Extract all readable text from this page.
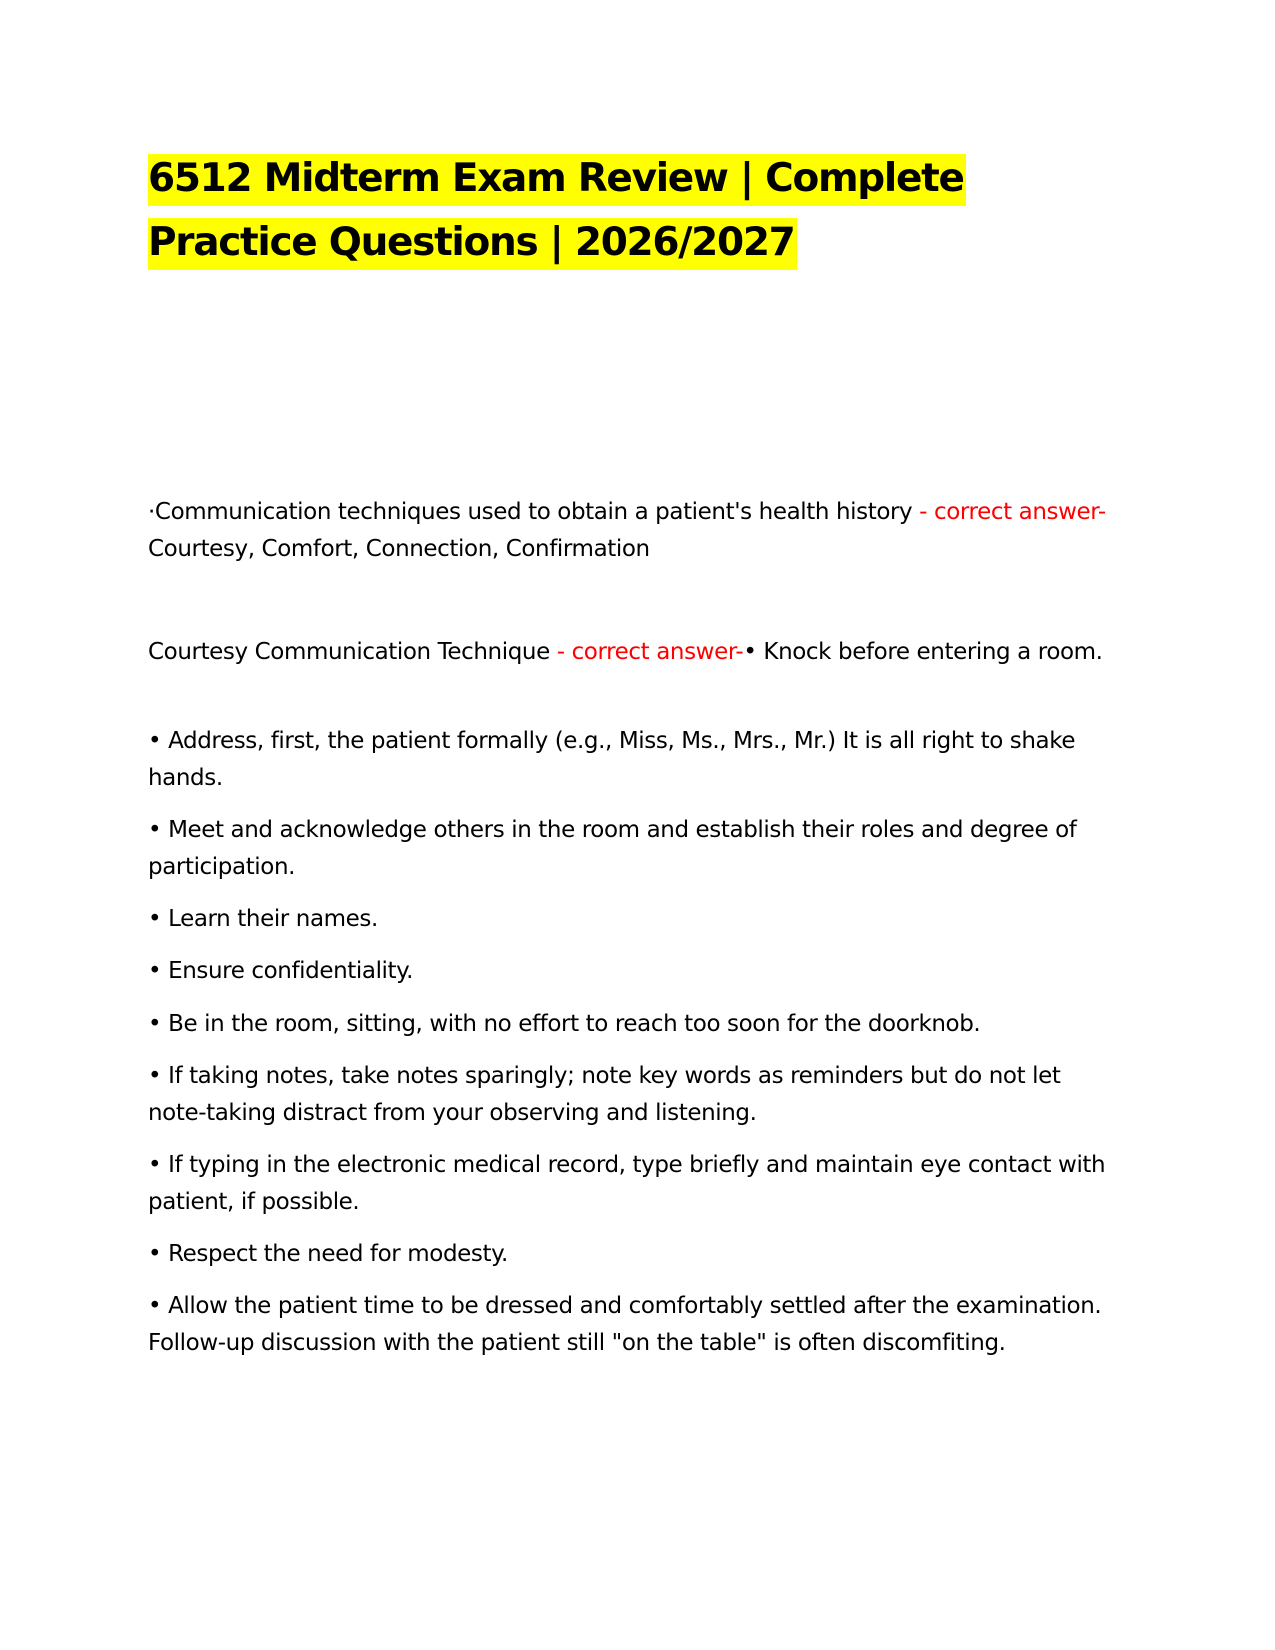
6512 Midterm Exam Review | Complete Practice Questions | 2026/2027

·Communication techniques used to obtain a patient's health history - correct answer-Courtesy, Comfort, Connection, Confirmation

Courtesy Communication Technique - correct answer-• Knock before entering a room.

• Address, first, the patient formally (e.g., Miss, Ms., Mrs., Mr.) It is all right to shake hands.

• Meet and acknowledge others in the room and establish their roles and degree of participation.

• Learn their names.

• Ensure confidentiality.

• Be in the room, sitting, with no effort to reach too soon for the doorknob.

• If taking notes, take notes sparingly; note key words as reminders but do not let note-taking distract from your observing and listening.

• If typing in the electronic medical record, type briefly and maintain eye contact with patient, if possible.

• Respect the need for modesty.

• Allow the patient time to be dressed and comfortably settled after the examination. Follow-up discussion with the patient still "on the table" is often discomfiting.
